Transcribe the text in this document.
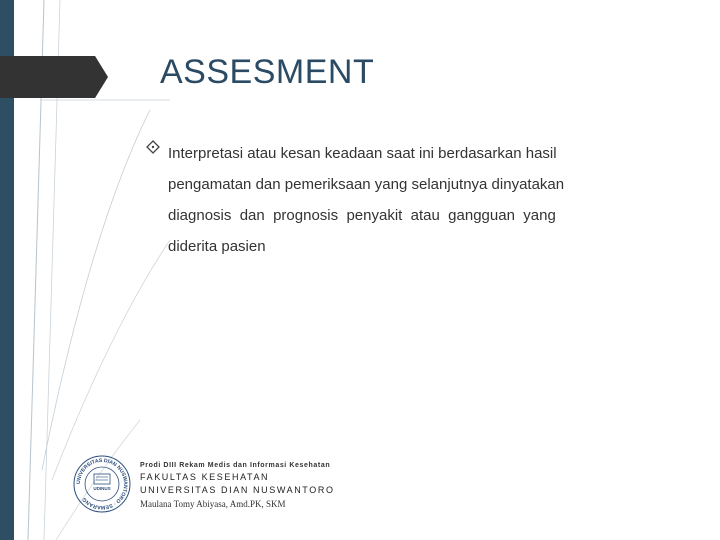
ASSESMENT
Interpretasi atau kesan keadaan saat ini berdasarkan hasil
pengamatan dan pemeriksaan yang selanjutnya dinyatakan
diagnosis  dan  prognosis  penyakit  atau  gangguan  yang
diderita pasien
UNIVERSITAS DIAN NUSWANTORO · SEMARANG
UDINUS
Prodi DIII Rekam Medis dan Informasi Kesehatan
FAKULTAS KESEHATAN
UNIVERSITAS DIAN NUSWANTORO
Maulana Tomy Abiyasa, Amd.PK, SKM
